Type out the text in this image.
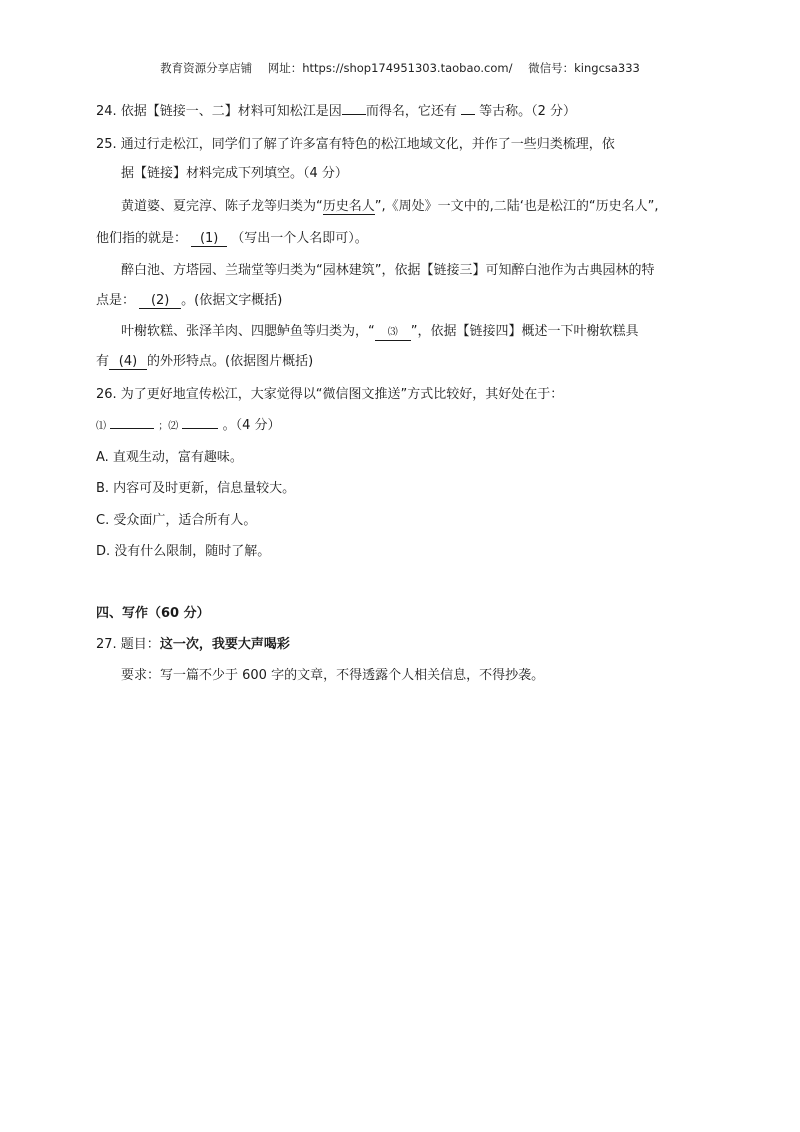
教育资源分享店铺 网址：https://shop174951303.taobao.com/ 微信号：kingcsa333
24. 依据【链接一、二】材料可知松江是因 而得名，它还有 等古称。（2 分）
25. 通过行走松江，同学们了解了许多富有特色的松江地域文化，并作了一些归类梳理，依
据【链接】材料完成下列填空。（4 分）
黄道婆、夏完淳、陈子龙等归类为“历史名人”,《周处》一文中的,二陆‘也是松江的“历史名人”,
他们指的就是： (1) （写出一个人名即可）。
醉白池、方塔园、兰瑞堂等归类为“园林建筑”，依据【链接三】可知醉白池作为古典园林的特
点是： (2) 。(依据文字概括)
叶榭软糕、张泽羊肉、四腮鲈鱼等归类为，“ ⑶ ”，依据【链接四】概述一下叶榭软糕具
有 (4) 的外形特点。(依据图片概括)
26. 为了更好地宣传松江，大家觉得以“微信图文推送”方式比较好，其好处在于：
⑴	；⑵	。（4 分）
A. 直观生动，富有趣味。
B. 内容可及时更新，信息量较大。
C. 受众面广，适合所有人。
D. 没有什么限制，随时了解。
四、写作（60 分）
27. 题目：这一次，我要大声喝彩
要求：写一篇不少于 600 字的文章，不得透露个人相关信息，不得抄袭。
